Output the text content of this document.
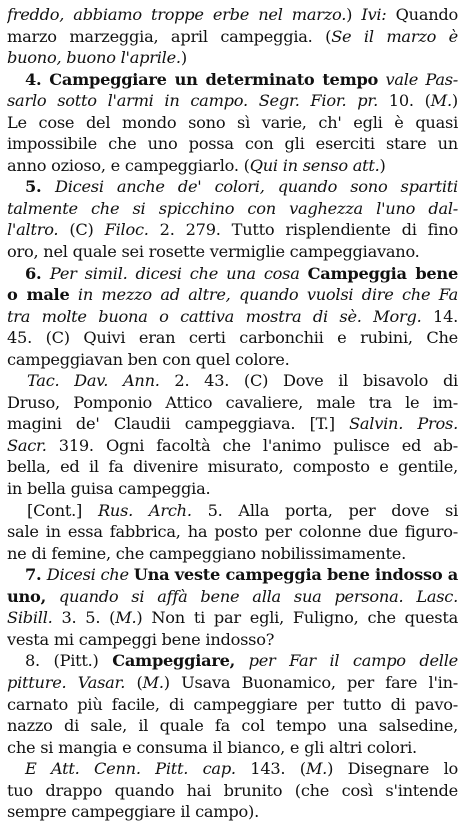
freddo, abbiamo troppe erbe nel marzo.) Ivi: Quando
marzo marzeggia, april campeggia. (Se il marzo è
buono, buono l'aprile.)
4. Campeggiare un determinato tempo vale Pas-
sarlo sotto l'armi in campo. Segr. Fior. pr. 10. (M.)
Le cose del mondo sono sì varie, ch' egli è quasi
impossibile che uno possa con gli eserciti stare un
anno ozioso, e campeggiarlo. (Qui in senso att.)
5. Dicesi anche de' colori, quando sono spartiti
talmente che si spicchino con vaghezza l'uno dal-
l'altro. (C) Filoc. 2. 279. Tutto risplendiente di fino
oro, nel quale sei rosette vermiglie campeggiavano.
6. Per simil. dicesi che una cosa Campeggia bene
o male in mezzo ad altre, quando vuolsi dire che Fa
tra molte buona o cattiva mostra di sè. Morg. 14.
45. (C) Quivi eran certi carbonchii e rubini, Che
campeggiavan ben con quel colore.
Tac. Dav. Ann. 2. 43. (C) Dove il bisavolo di
Druso, Pomponio Attico cavaliere, male tra le im-
magini de' Claudii campeggiava. [T.] Salvin. Pros.
Sacr. 319. Ogni facoltà che l'animo pulisce ed ab-
bella, ed il fa divenire misurato, composto e gentile,
in bella guisa campeggia.
[Cont.] Rus. Arch. 5. Alla porta, per dove si
sale in essa fabbrica, ha posto per colonne due figuro-
ne di femine, che campeggiano nobilissimamente.
7. Dicesi che Una veste campeggia bene indosso a
uno, quando si affà bene alla sua persona. Lasc.
Sibill. 3. 5. (M.) Non ti par egli, Fuligno, che questa
vesta mi campeggi bene indosso?
8. (Pitt.) Campeggiare, per Far il campo delle
pitture. Vasar. (M.) Usava Buonamico, per fare l'in-
carnato più facile, di campeggiare per tutto di pavo-
nazzo di sale, il quale fa col tempo una salsedine,
che si mangia e consuma il bianco, e gli altri colori.
E Att. Cenn. Pitt. cap. 143. (M.) Disegnare lo
tuo drappo quando hai brunito (che così s'intende
sempre campeggiare il campo).
